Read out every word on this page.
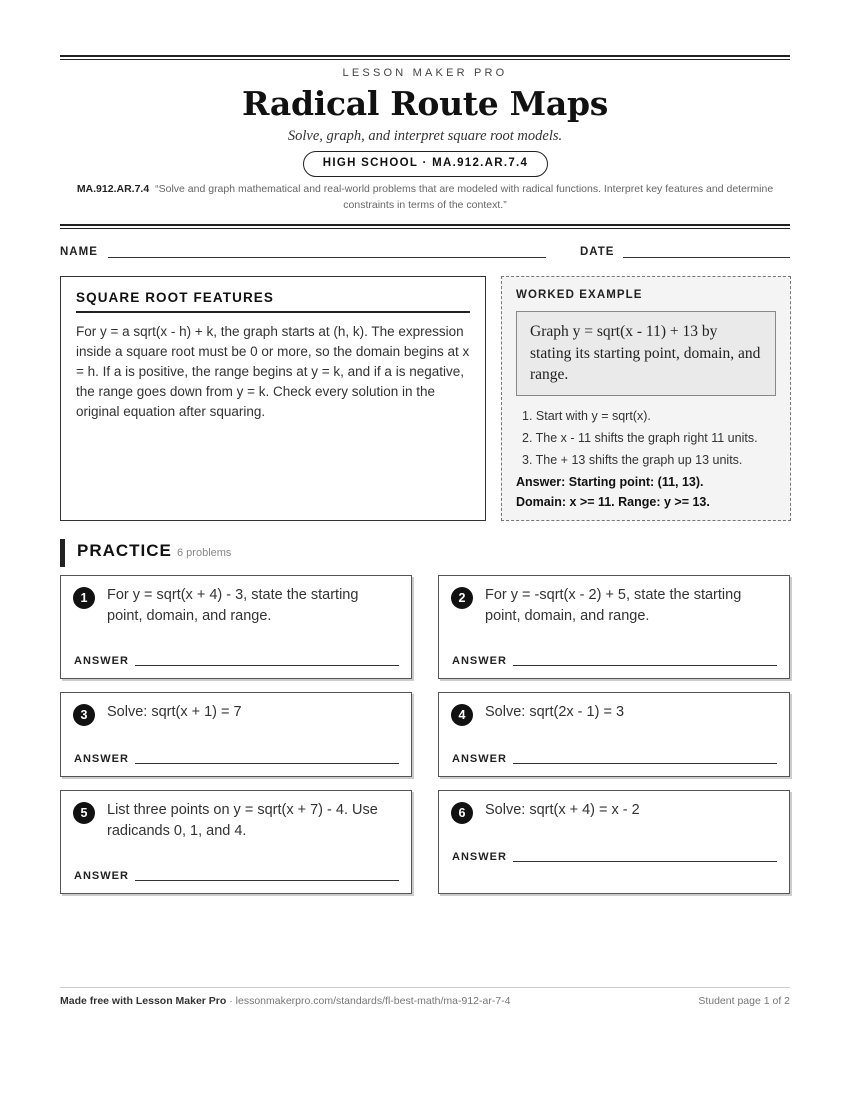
LESSON MAKER PRO
Radical Route Maps
Solve, graph, and interpret square root models.
HIGH SCHOOL · MA.912.AR.7.4
MA.912.AR.7.4 “Solve and graph mathematical and real-world problems that are modeled with radical functions. Interpret key features and determine constraints in terms of the context.”
NAME	DATE
SQUARE ROOT FEATURES
For y = a sqrt(x - h) + k, the graph starts at (h, k). The expression inside a square root must be 0 or more, so the domain begins at x = h. If a is positive, the range begins at y = k, and if a is negative, the range goes down from y = k. Check every solution in the original equation after squaring.
WORKED EXAMPLE
Graph y = sqrt(x - 11) + 13 by stating its starting point, domain, and range.
1. Start with y = sqrt(x).
2. The x - 11 shifts the graph right 11 units.
3. The + 13 shifts the graph up 13 units.
Answer: Starting point: (11, 13).
Domain: x >= 11. Range: y >= 13.
PRACTICE 6 problems
1	For y = sqrt(x + 4) - 3, state the starting point, domain, and range.
ANSWER
2	For y = -sqrt(x - 2) + 5, state the starting point, domain, and range.
ANSWER
3	Solve: sqrt(x + 1) = 7
ANSWER
4	Solve: sqrt(2x - 1) = 3
ANSWER
5	List three points on y = sqrt(x + 7) - 4. Use radicands 0, 1, and 4.
ANSWER
6	Solve: sqrt(x + 4) = x - 2
ANSWER
Made free with Lesson Maker Pro · lessonmakerpro.com/standards/fl-best-math/ma-912-ar-7-4	Student page 1 of 2
